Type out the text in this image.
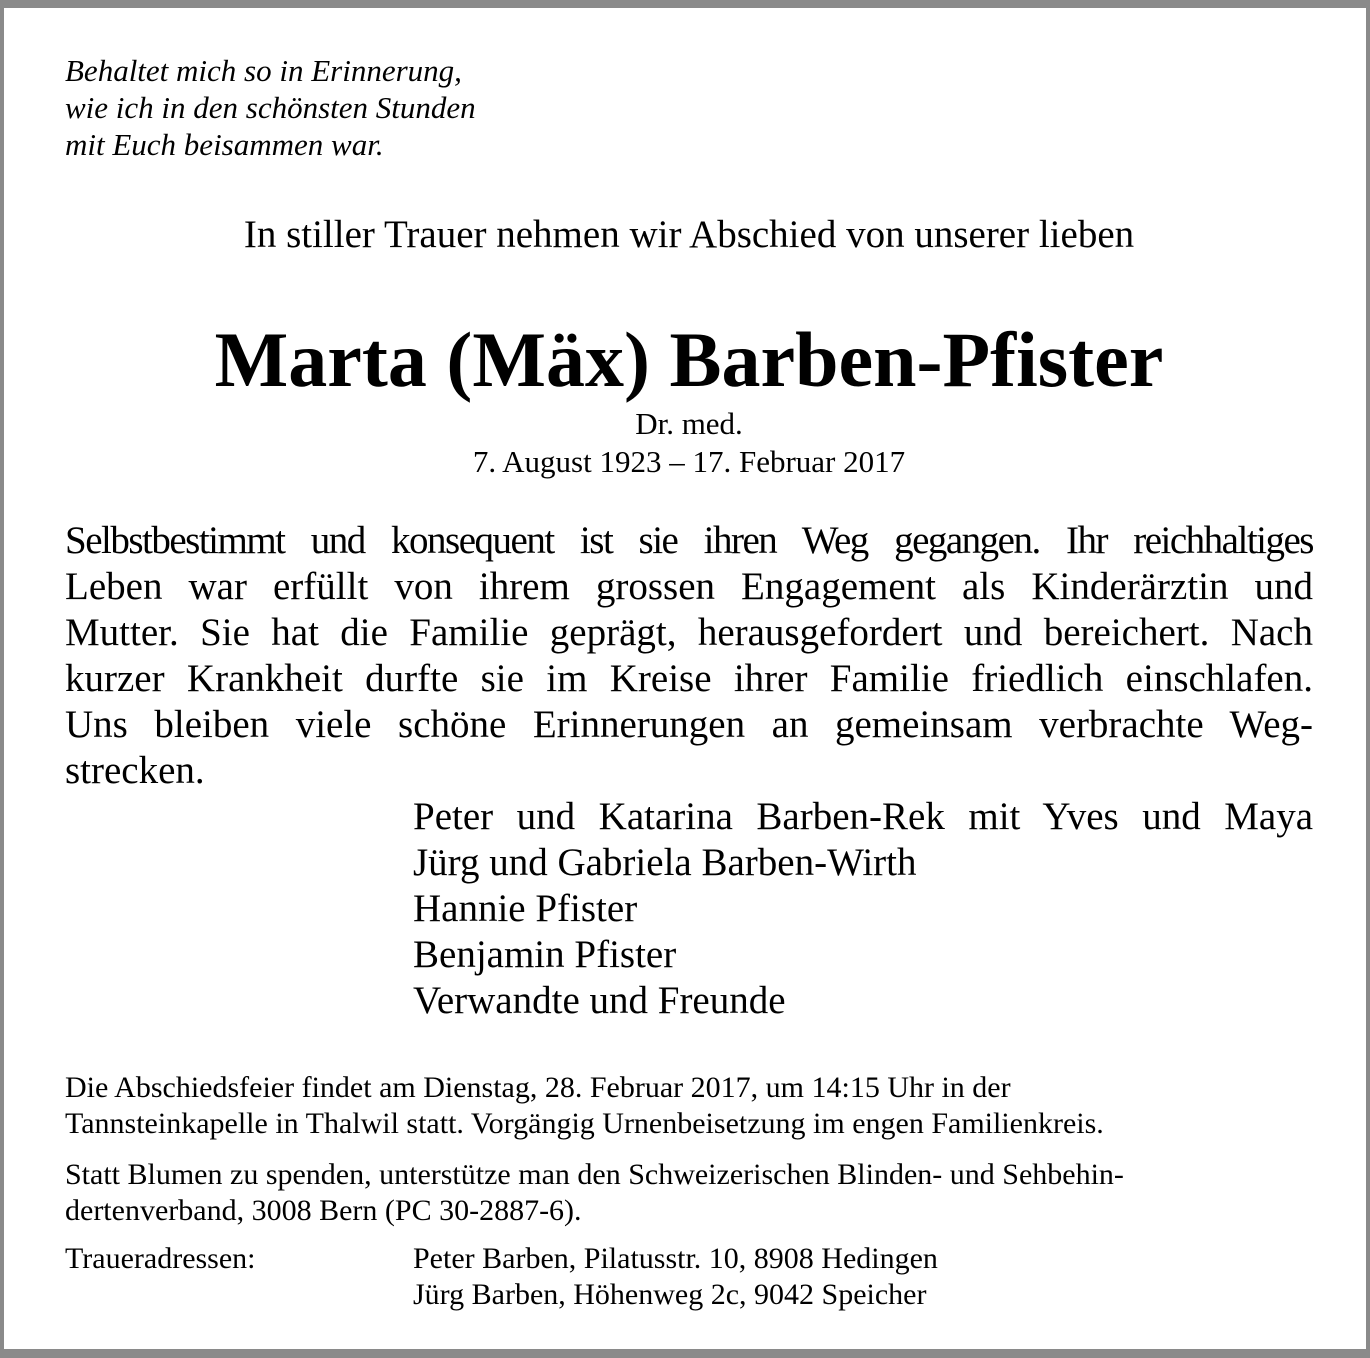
Behaltet mich so in Erinnerung,
wie ich in den schönsten Stunden
mit Euch beisammen war.
In stiller Trauer nehmen wir Abschied von unserer lieben
Marta (Mäx) Barben-Pfister
Dr. med.
7. August 1923 – 17. Februar 2017
Selbstbestimmt und konsequent ist sie ihren Weg gegangen. Ihr reichhaltiges
Leben war erfüllt von ihrem grossen Engagement als Kinderärztin und
Mutter. Sie hat die Familie geprägt, herausgefordert und bereichert. Nach
kurzer Krankheit durfte sie im Kreise ihrer Familie friedlich einschlafen.
Uns bleiben viele schöne Erinnerungen an gemeinsam verbrachte Weg-
strecken.
Peter und Katarina Barben-Rek mit Yves und Maya
Jürg und Gabriela Barben-Wirth
Hannie Pfister
Benjamin Pfister
Verwandte und Freunde
Die Abschiedsfeier findet am Dienstag, 28. Februar 2017, um 14:15 Uhr in der
Tannsteinkapelle in Thalwil statt. Vorgängig Urnenbeisetzung im engen Familienkreis.
Statt Blumen zu spenden, unterstütze man den Schweizerischen Blinden- und Sehbehin-
dertenverband, 3008 Bern (PC 30-2887-6).
Traueradressen:	Peter Barben, Pilatusstr. 10, 8908 Hedingen
Jürg Barben, Höhenweg 2c, 9042 Speicher
